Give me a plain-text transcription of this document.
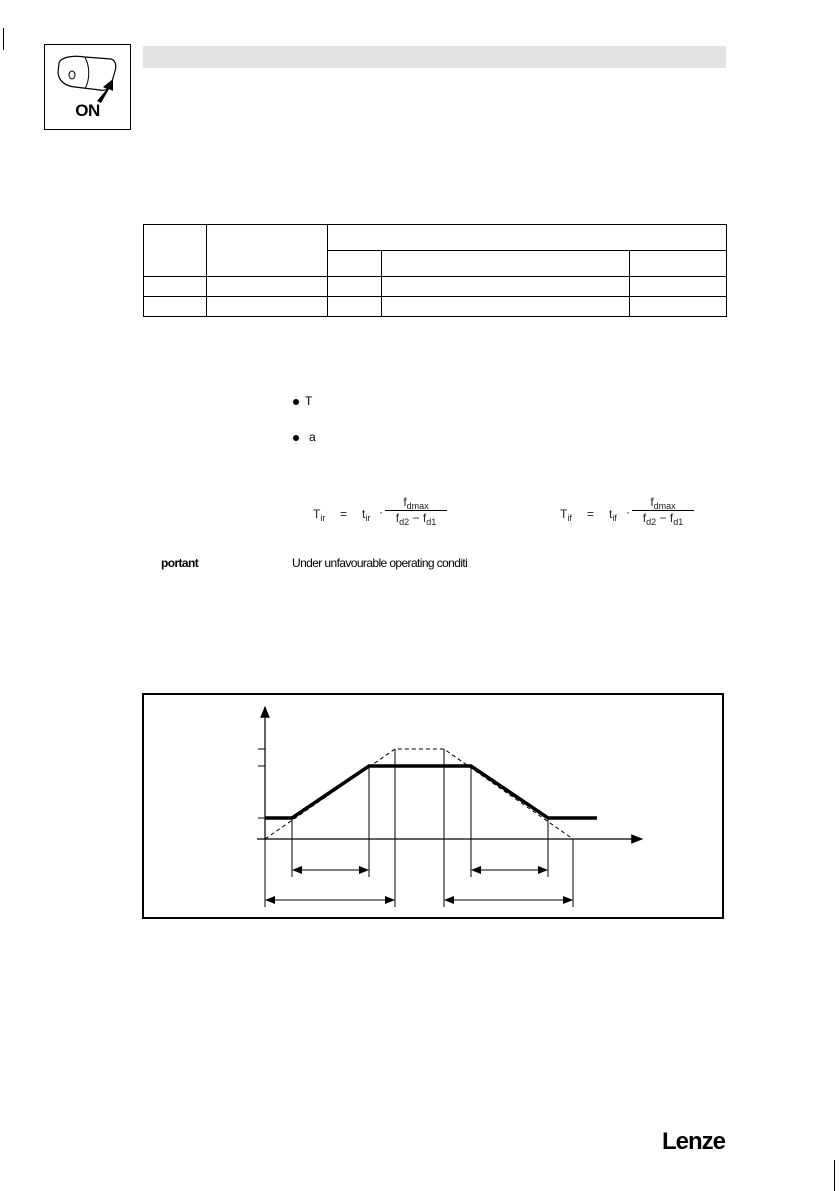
ON

T
a
$T_{ir} = t_{ir}$ ·
$f_{dmax}$
$f_{d2} - f_{d1}$
$T_{if} = t_{if}$ ·
$f_{dmax}$
$f_{d2} - f_{d1}$
portant	Under unfavourable operating conditi
Lenze
